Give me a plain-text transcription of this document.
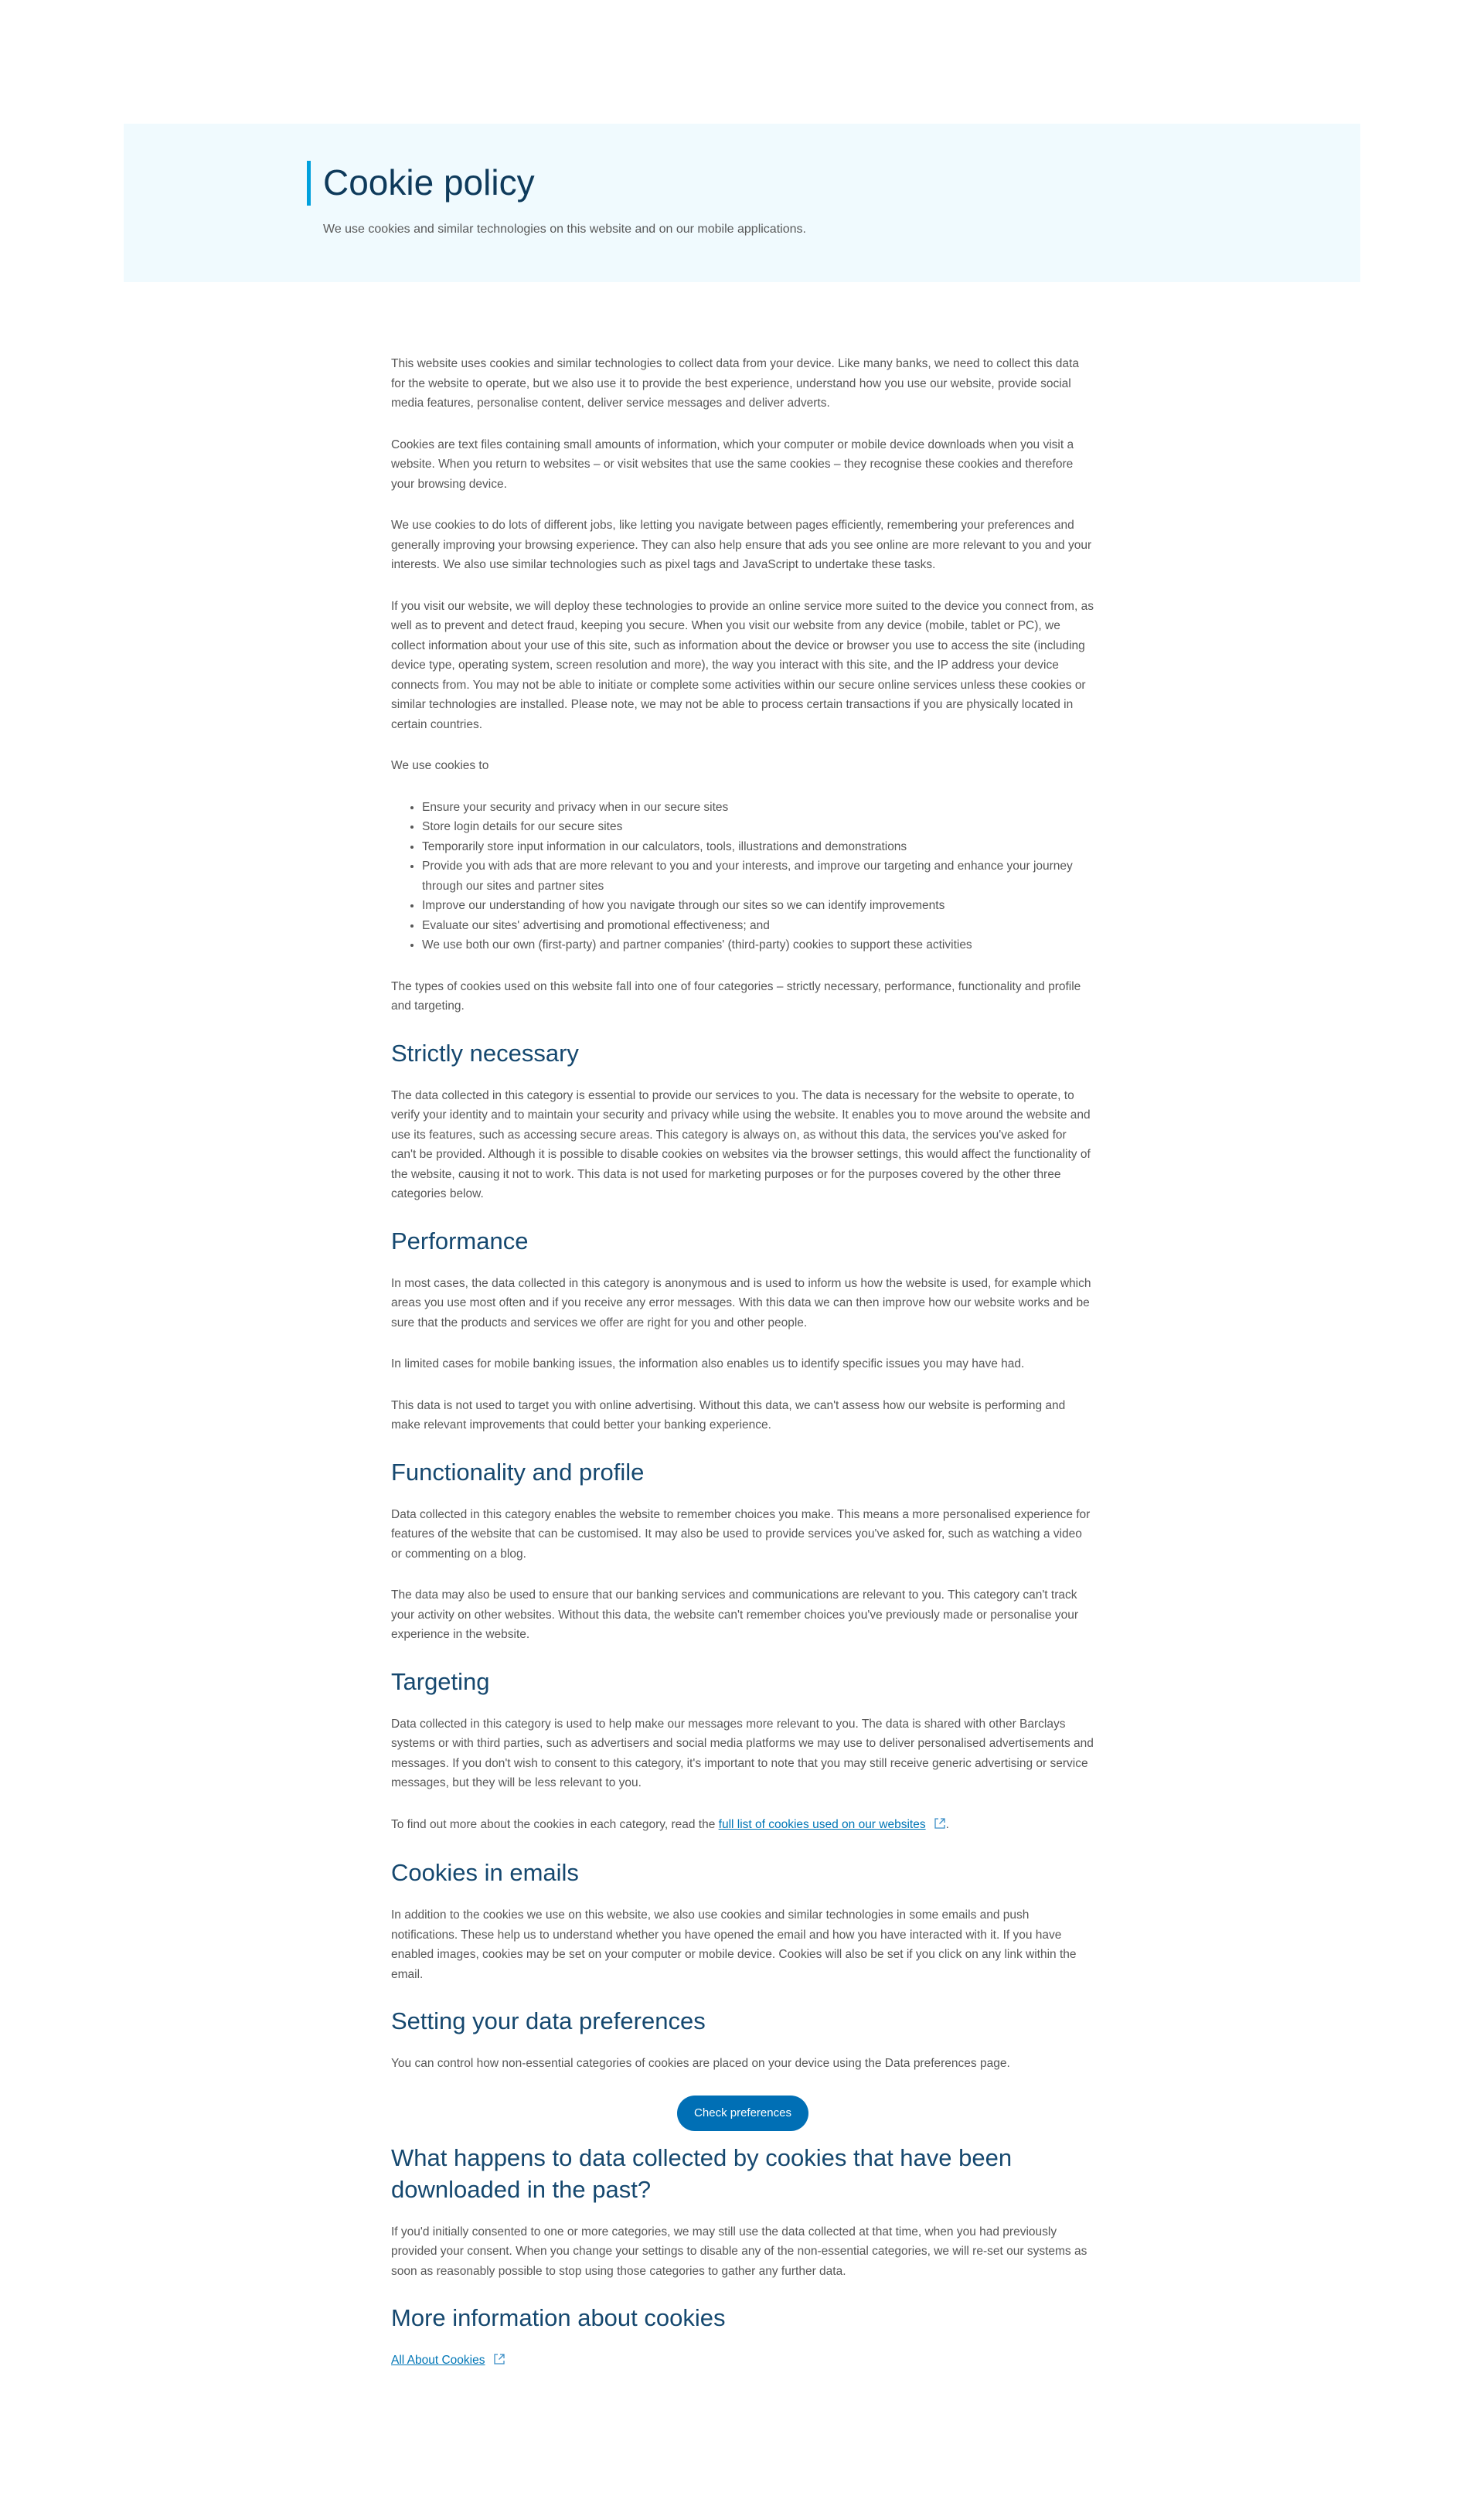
Cookie policy

We use cookies and similar technologies on this website and on our mobile applications.

This website uses cookies and similar technologies to collect data from your device. Like many banks, we need to collect this data for the website to operate, but we also use it to provide the best experience, understand how you use our website, provide social media features, personalise content, deliver service messages and deliver adverts.

Cookies are text files containing small amounts of information, which your computer or mobile device downloads when you visit a website. When you return to websites – or visit websites that use the same cookies – they recognise these cookies and therefore your browsing device.

We use cookies to do lots of different jobs, like letting you navigate between pages efficiently, remembering your preferences and generally improving your browsing experience. They can also help ensure that ads you see online are more relevant to you and your interests. We also use similar technologies such as pixel tags and JavaScript to undertake these tasks.

If you visit our website, we will deploy these technologies to provide an online service more suited to the device you connect from, as well as to prevent and detect fraud, keeping you secure. When you visit our website from any device (mobile, tablet or PC), we collect information about your use of this site, such as information about the device or browser you use to access the site (including device type, operating system, screen resolution and more), the way you interact with this site, and the IP address your device connects from. You may not be able to initiate or complete some activities within our secure online services unless these cookies or similar technologies are installed. Please note, we may not be able to process certain transactions if you are physically located in certain countries.

We use cookies to

• Ensure your security and privacy when in our secure sites
• Store login details for our secure sites
• Temporarily store input information in our calculators, tools, illustrations and demonstrations
• Provide you with ads that are more relevant to you and your interests, and improve our targeting and enhance your journey through our sites and partner sites
• Improve our understanding of how you navigate through our sites so we can identify improvements
• Evaluate our sites' advertising and promotional effectiveness; and
• We use both our own (first-party) and partner companies' (third-party) cookies to support these activities

The types of cookies used on this website fall into one of four categories – strictly necessary, performance, functionality and profile and targeting.

Strictly necessary

The data collected in this category is essential to provide our services to you. The data is necessary for the website to operate, to verify your identity and to maintain your security and privacy while using the website. It enables you to move around the website and use its features, such as accessing secure areas. This category is always on, as without this data, the services you've asked for can't be provided. Although it is possible to disable cookies on websites via the browser settings, this would affect the functionality of the website, causing it not to work. This data is not used for marketing purposes or for the purposes covered by the other three categories below.

Performance

In most cases, the data collected in this category is anonymous and is used to inform us how the website is used, for example which areas you use most often and if you receive any error messages. With this data we can then improve how our website works and be sure that the products and services we offer are right for you and other people.

In limited cases for mobile banking issues, the information also enables us to identify specific issues you may have had.

This data is not used to target you with online advertising. Without this data, we can't assess how our website is performing and make relevant improvements that could better your banking experience.

Functionality and profile

Data collected in this category enables the website to remember choices you make. This means a more personalised experience for features of the website that can be customised. It may also be used to provide services you've asked for, such as watching a video or commenting on a blog.

The data may also be used to ensure that our banking services and communications are relevant to you. This category can't track your activity on other websites. Without this data, the website can't remember choices you've previously made or personalise your experience in the website.

Targeting

Data collected in this category is used to help make our messages more relevant to you. The data is shared with other Barclays systems or with third parties, such as advertisers and social media platforms we may use to deliver personalised advertisements and messages. If you don't wish to consent to this category, it's important to note that you may still receive generic advertising or service messages, but they will be less relevant to you.

To find out more about the cookies in each category, read the full list of cookies used on our websites .

Cookies in emails

In addition to the cookies we use on this website, we also use cookies and similar technologies in some emails and push notifications. These help us to understand whether you have opened the email and how you have interacted with it. If you have enabled images, cookies may be set on your computer or mobile device. Cookies will also be set if you click on any link within the email.

Setting your data preferences

You can control how non-essential categories of cookies are placed on your device using the Data preferences page.

Check preferences
What happens to data collected by cookies that have been downloaded in the past?

If you'd initially consented to one or more categories, we may still use the data collected at that time, when you had previously provided your consent. When you change your settings to disable any of the non-essential categories, we will re-set our systems as soon as reasonably possible to stop using those categories to gather any further data.

More information about cookies

All About Cookies
